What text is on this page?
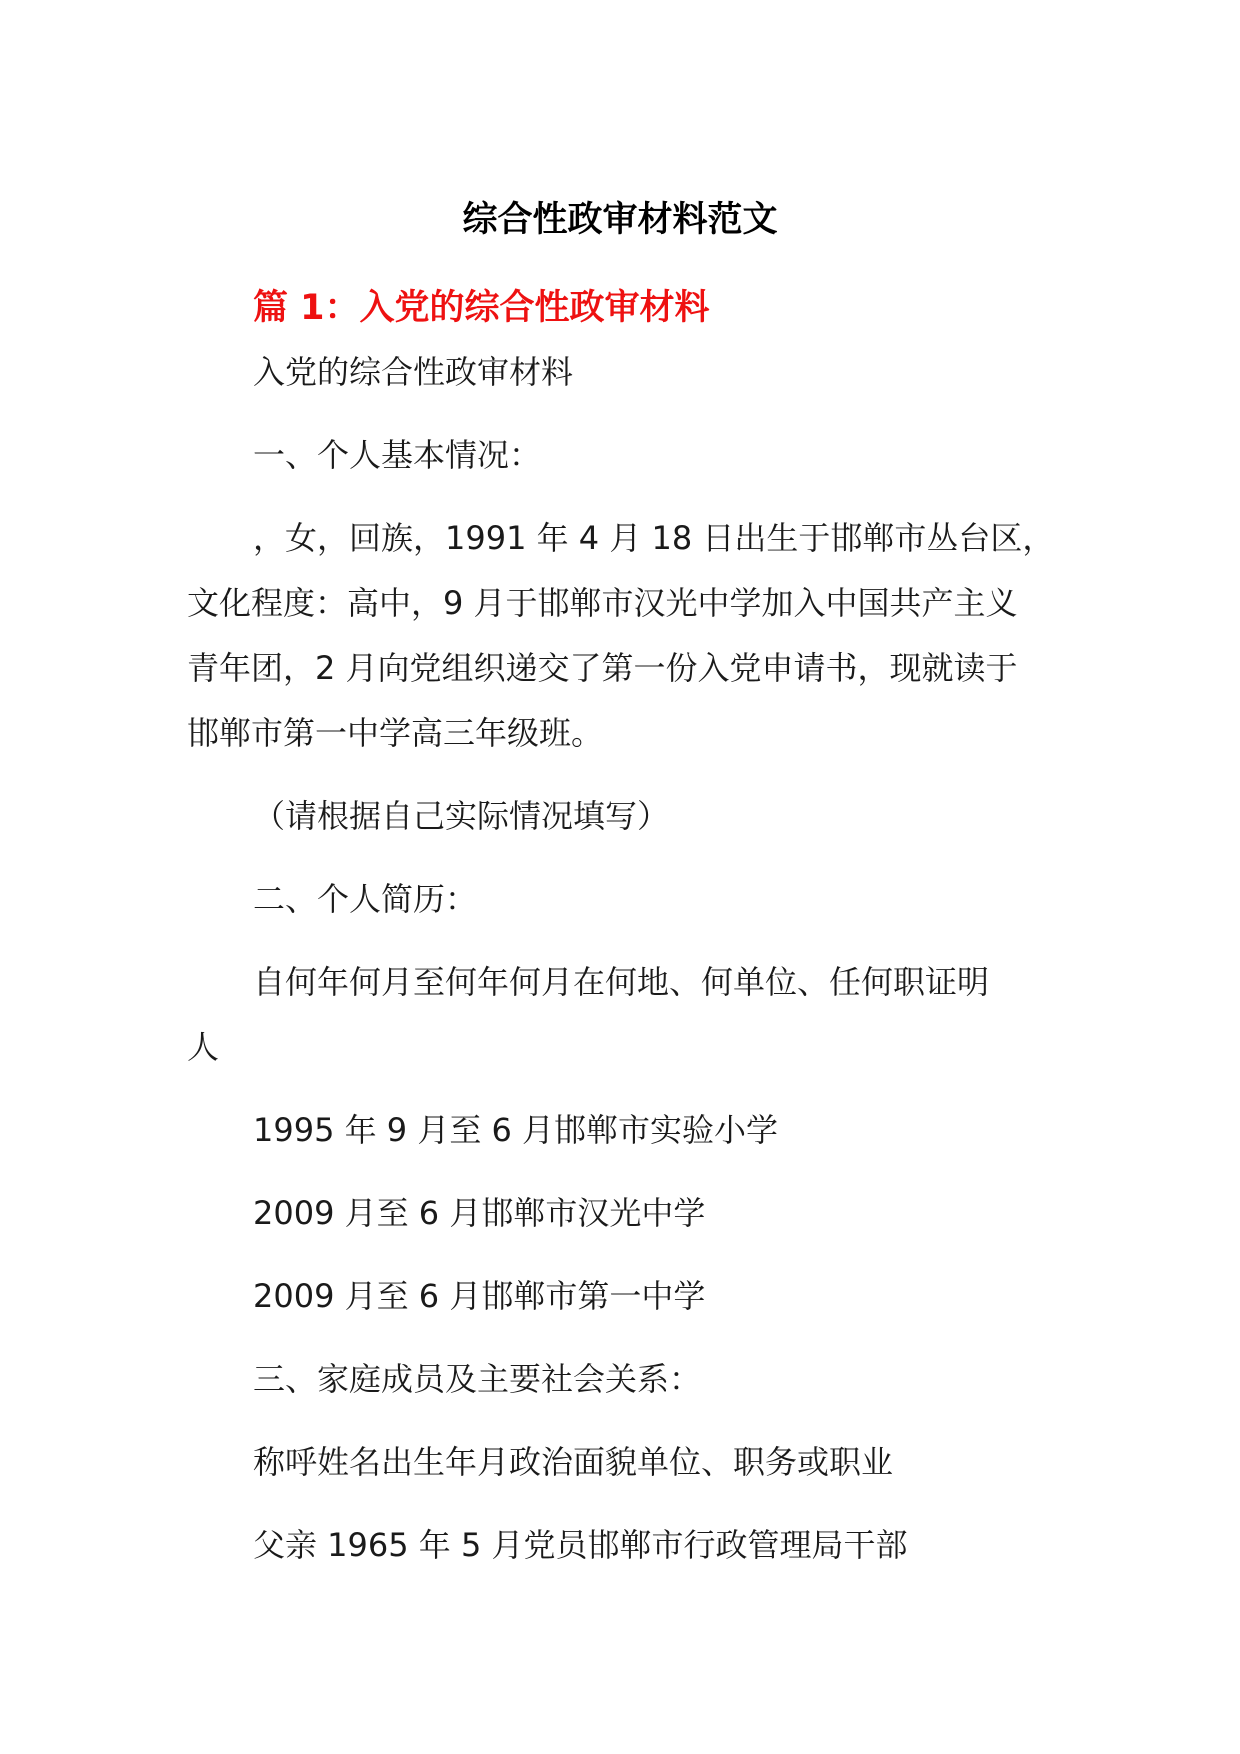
综合性政审材料范文
篇 1：入党的综合性政审材料
入党的综合性政审材料
一、个人基本情况：
，女，回族，1991 年 4 月 18 日出生于邯郸市丛台区，
文化程度：高中，9 月于邯郸市汉光中学加入中国共产主义
青年团，2 月向党组织递交了第一份入党申请书，现就读于
邯郸市第一中学高三年级班。
（请根据自己实际情况填写）
二、个人简历：
自何年何月至何年何月在何地、何单位、任何职证明
人
1995 年 9 月至 6 月邯郸市实验小学
2009 月至 6 月邯郸市汉光中学
2009 月至 6 月邯郸市第一中学
三、家庭成员及主要社会关系：
称呼姓名出生年月政治面貌单位、职务或职业
父亲 1965 年 5 月党员邯郸市行政管理局干部
